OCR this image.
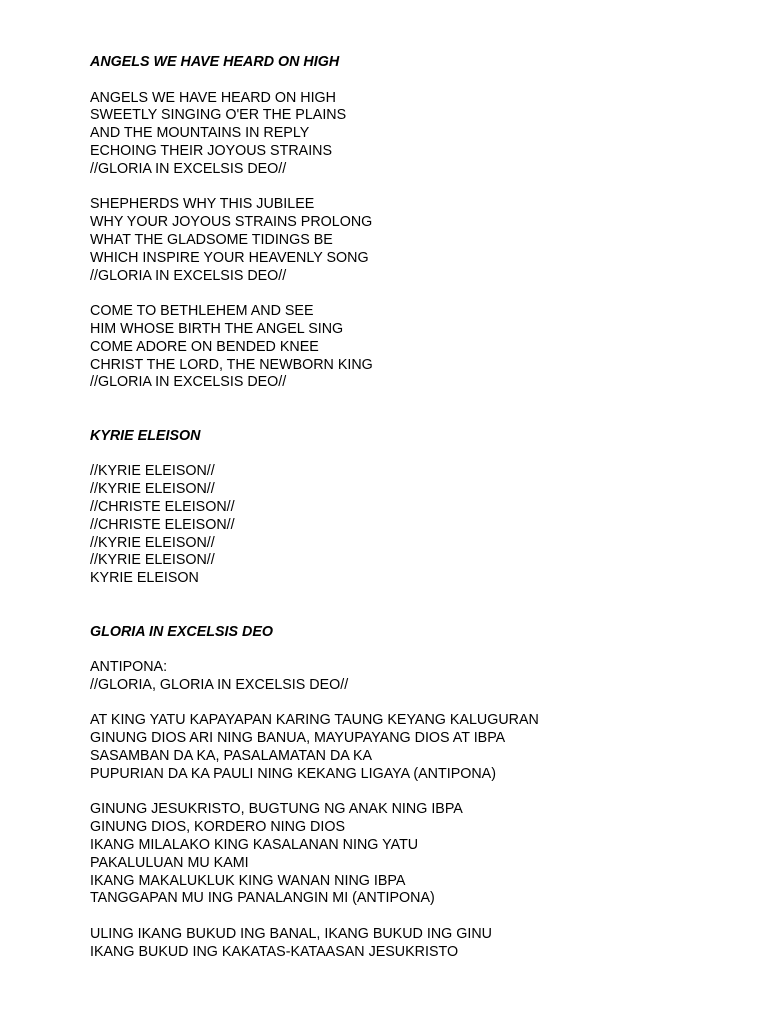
ANGELS WE HAVE HEARD ON HIGH

ANGELS WE HAVE HEARD ON HIGH

SWEETLY SINGING O'ER THE PLAINS

AND THE MOUNTAINS IN REPLY

ECHOING THEIR JOYOUS STRAINS

//GLORIA IN EXCELSIS DEO//

SHEPHERDS WHY THIS JUBILEE

WHY YOUR JOYOUS STRAINS PROLONG

WHAT THE GLADSOME TIDINGS BE

WHICH INSPIRE YOUR HEAVENLY SONG

//GLORIA IN EXCELSIS DEO//

COME TO BETHLEHEM AND SEE

HIM WHOSE BIRTH THE ANGEL SING

COME ADORE ON BENDED KNEE

CHRIST THE LORD, THE NEWBORN KING

//GLORIA IN EXCELSIS DEO//

KYRIE ELEISON

//KYRIE ELEISON//

//KYRIE ELEISON//

//CHRISTE ELEISON//

//CHRISTE ELEISON//

//KYRIE ELEISON//

//KYRIE ELEISON//

KYRIE ELEISON

GLORIA IN EXCELSIS DEO

ANTIPONA:

//GLORIA, GLORIA IN EXCELSIS DEO//

AT KING YATU KAPAYAPAN KARING TAUNG KEYANG KALUGURAN

GINUNG DIOS ARI NING BANUA, MAYUPAYANG DIOS AT IBPA

SASAMBAN DA KA, PASALAMATAN DA KA

PUPURIAN DA KA PAULI NING KEKANG LIGAYA (ANTIPONA)

GINUNG JESUKRISTO, BUGTUNG NG ANAK NING IBPA

GINUNG DIOS, KORDERO NING DIOS

IKANG MILALAKO KING KASALANAN NING YATU

PAKALULUAN MU KAMI

IKANG MAKALUKLUK KING WANAN NING IBPA

TANGGAPAN MU ING PANALANGIN MI (ANTIPONA)

ULING IKANG BUKUD ING BANAL, IKANG BUKUD ING GINU

IKANG BUKUD ING KAKATAS-KATAASAN JESUKRISTO
